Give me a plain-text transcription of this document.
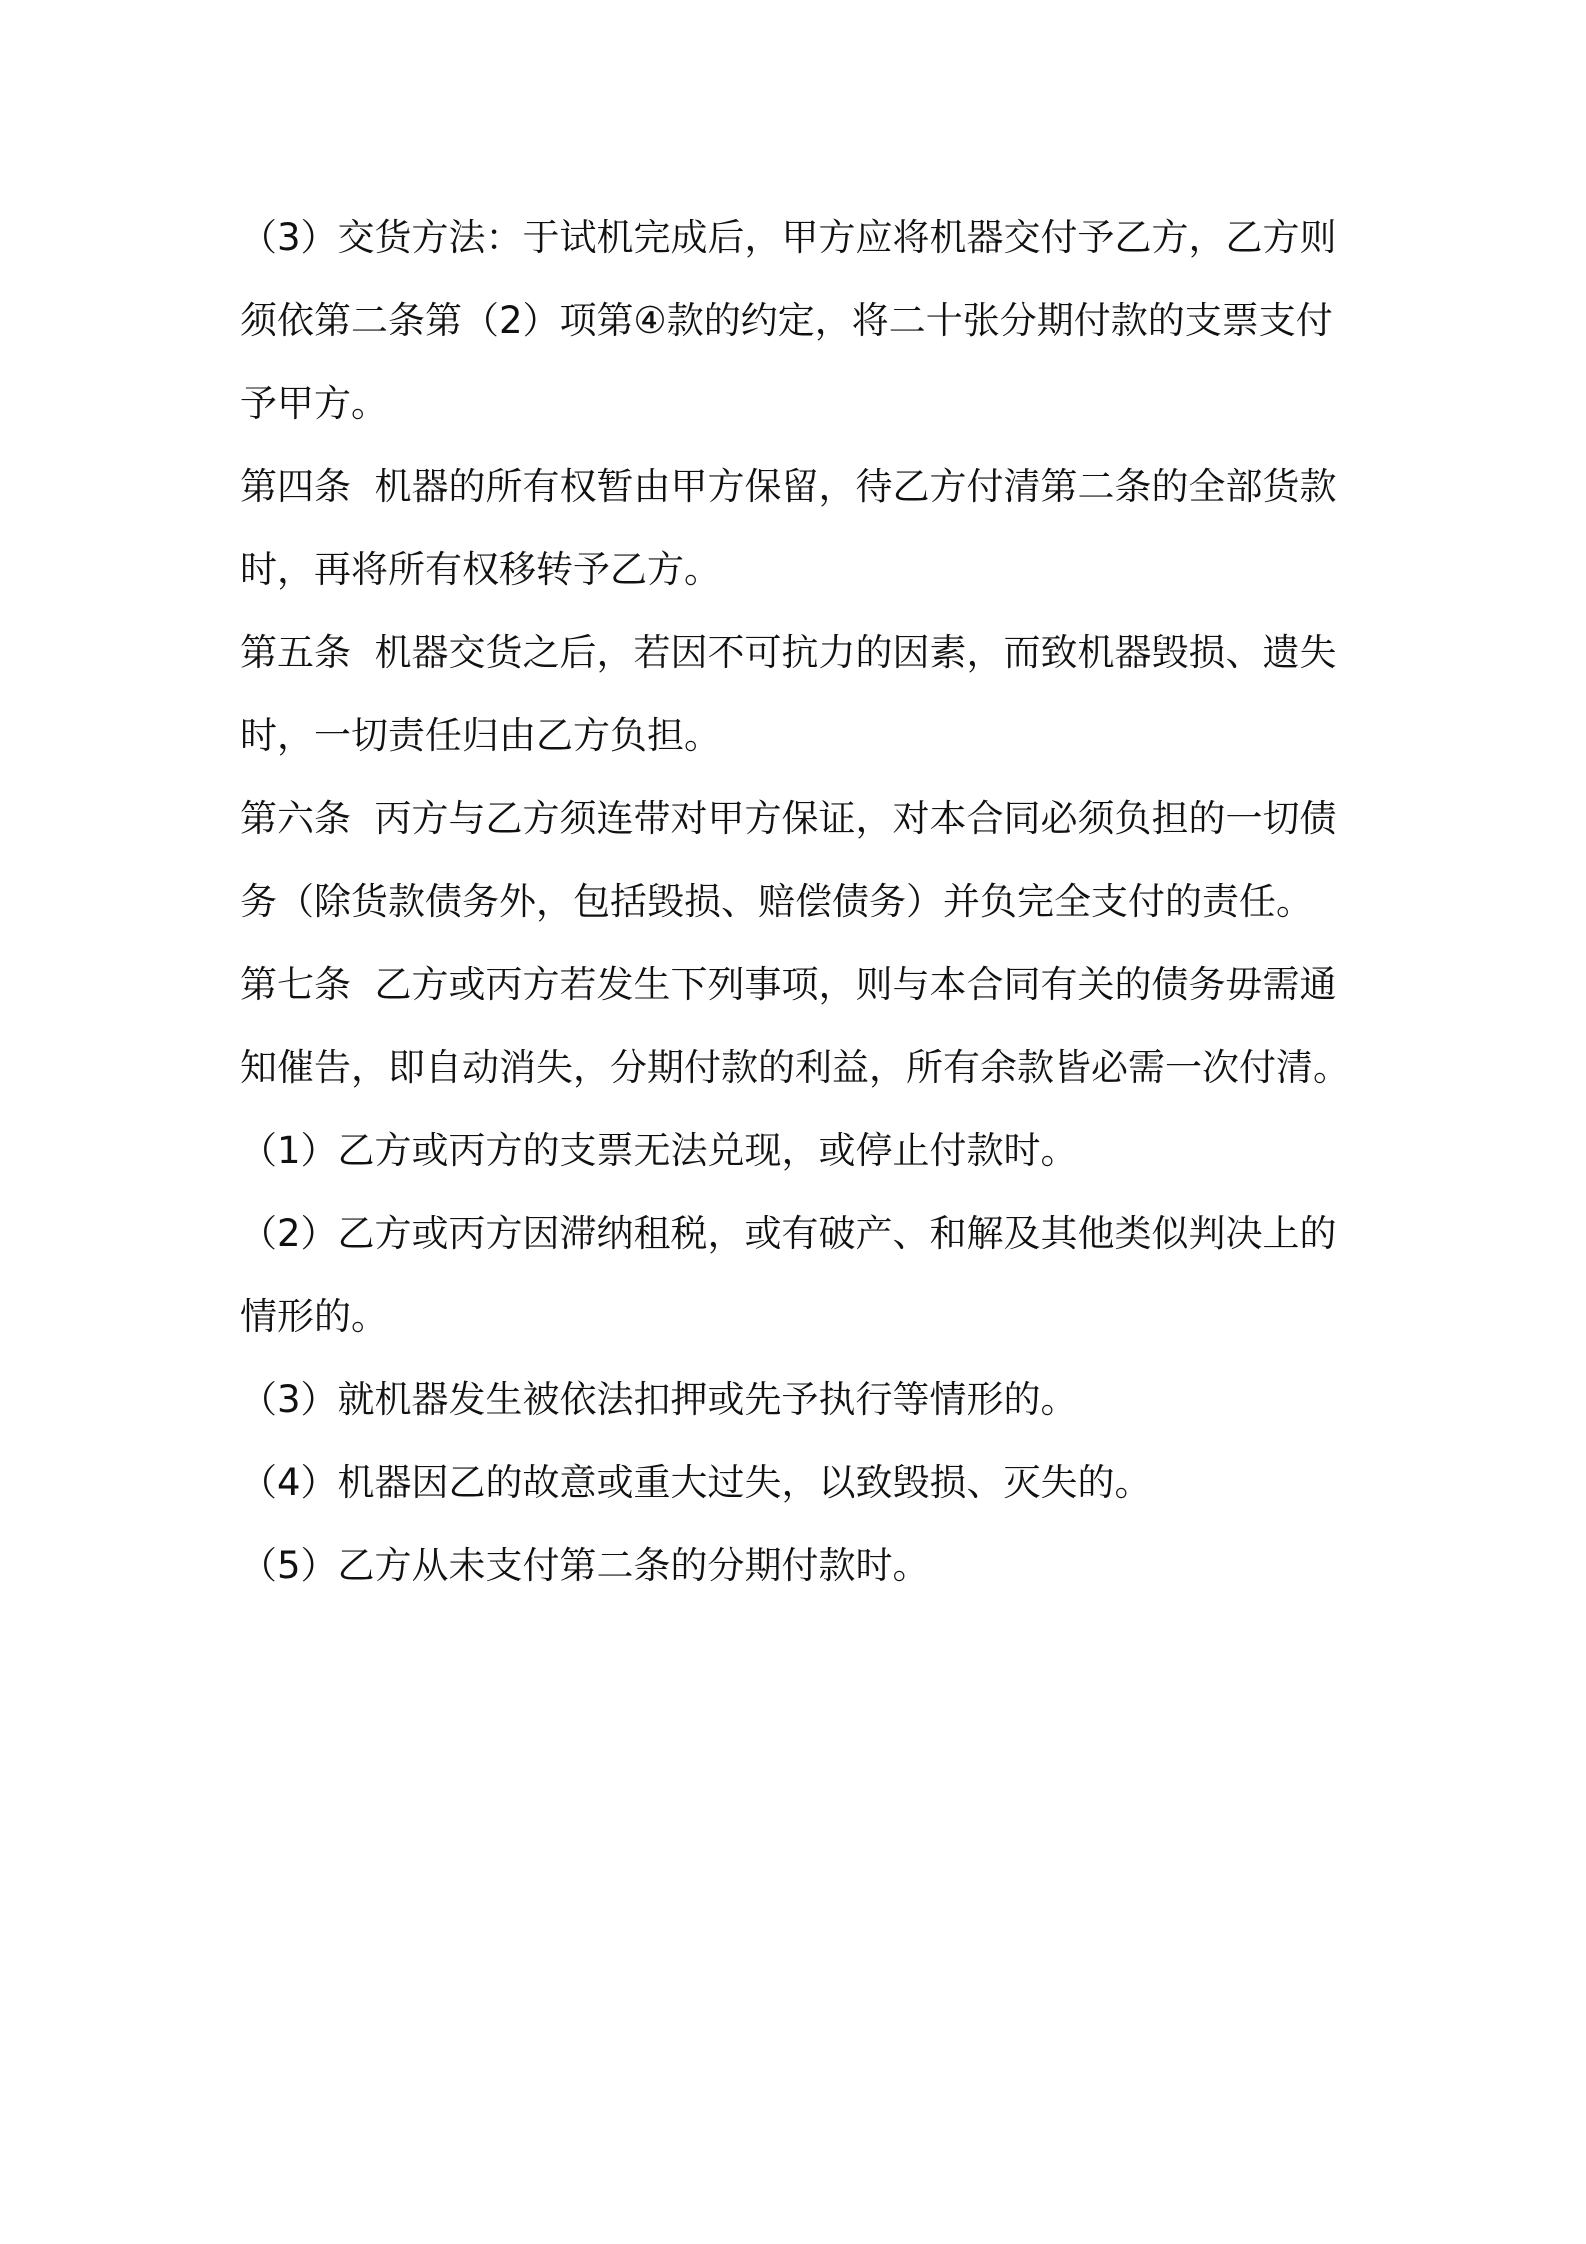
（3）交货方法：于试机完成后，甲方应将机器交付予乙方，乙方则须依第二条第（2）项第④款的约定，将二十张分期付款的支票支付予甲方。

第四条  机器的所有权暂由甲方保留，待乙方付清第二条的全部货款时，再将所有权移转予乙方。

第五条  机器交货之后，若因不可抗力的因素，而致机器毁损、遗失时，一切责任归由乙方负担。

第六条  丙方与乙方须连带对甲方保证，对本合同必须负担的一切债务（除货款债务外，包括毁损、赔偿债务）并负完全支付的责任。

第七条  乙方或丙方若发生下列事项，则与本合同有关的债务毋需通知催告，即自动消失，分期付款的利益，所有余款皆必需一次付清。

（1）乙方或丙方的支票无法兑现，或停止付款时。

（2）乙方或丙方因滞纳租税，或有破产、和解及其他类似判决上的情形的。

（3）就机器发生被依法扣押或先予执行等情形的。

（4）机器因乙的故意或重大过失，以致毁损、灭失的。

（5）乙方从未支付第二条的分期付款时。
